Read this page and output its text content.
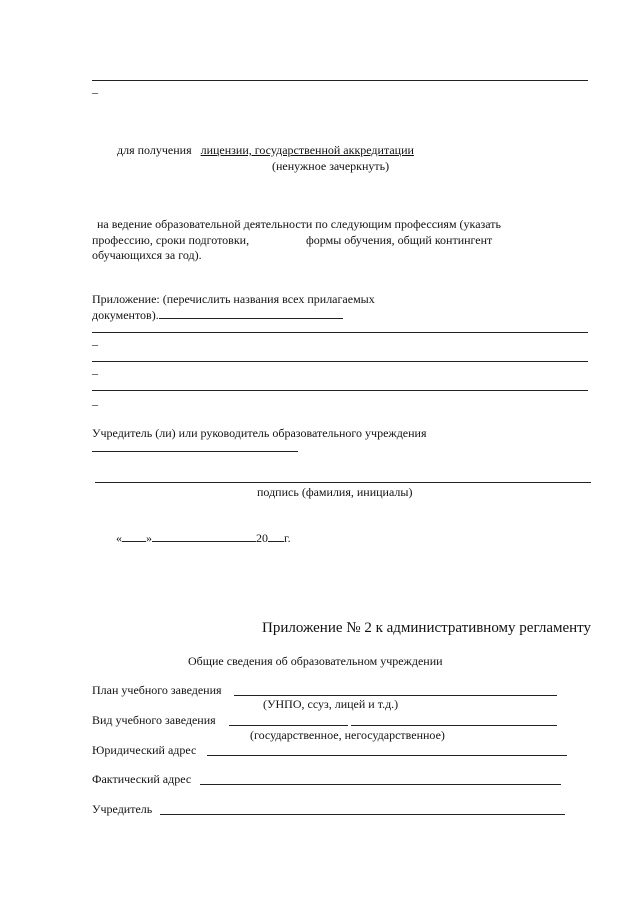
–
для получения лицензии, государственной аккредитации
(ненужное зачеркнуть)
на ведение образовательной деятельности по следующим профессиям (указать
профессию, сроки подготовки,	формы обучения, общий контингент
обучающихся за год).
Приложение: (перечислить названия всех прилагаемых
документов).
–
–
–
Учредитель (ли) или руководитель образовательного учреждения
подпись (фамилия, инициалы)
« »	20 г.
Приложение № 2 к административному регламенту
Общие сведения об образовательном учреждении
План учебного заведения
(УНПО, ссуз, лицей и т.д.)
Вид учебного заведения
(государственное, негосударственное)
Юридический адрес
Фактический адрес
Учредитель
